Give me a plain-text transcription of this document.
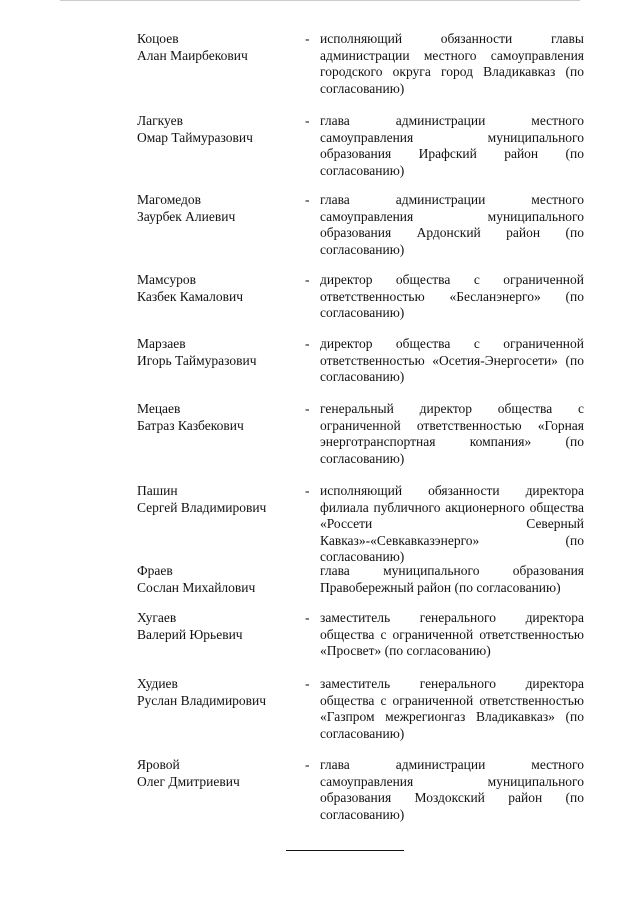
Коцоев
Алан Маирбекович
- исполняющий обязанности главы администрации местного самоуправления городского округа город Владикавказ (по согласованию)
Лагкуев
Омар Таймуразович
- глава администрации местного самоуправления муниципального образования Ирафский район (по согласованию)
Магомедов
Заурбек Алиевич
- глава администрации местного самоуправления муниципального образования Ардонский район (по согласованию)
Мамсуров
Казбек Камалович
- директор общества с ограниченной ответственностью «Бесланэнерго» (по согласованию)
Марзаев
Игорь Таймуразович
- директор общества с ограниченной ответственностью «Осетия-Энергосети» (по согласованию)
Мецаев
Батраз Казбекович
- генеральный директор общества с ограниченной ответственностью «Горная энерготранспортная компания» (по согласованию)
Пашин
Сергей Владимирович
- исполняющий обязанности директора филиала публичного акционерного общества «Россети Северный Кавказ»-«Севкавказэнерго» (по согласованию)
Фраев
Сослан Михайлович
глава муниципального образования Правобережный район (по согласованию)
Хугаев
Валерий Юрьевич
- заместитель генерального директора общества с ограниченной ответственностью «Просвет» (по согласованию)
Худиев
Руслан Владимирович
- заместитель генерального директора общества с ограниченной ответственностью «Газпром межрегионгаз Владикавказ» (по согласованию)
Яровой
Олег Дмитриевич
- глава администрации местного самоуправления муниципального образования Моздокский район (по согласованию)
